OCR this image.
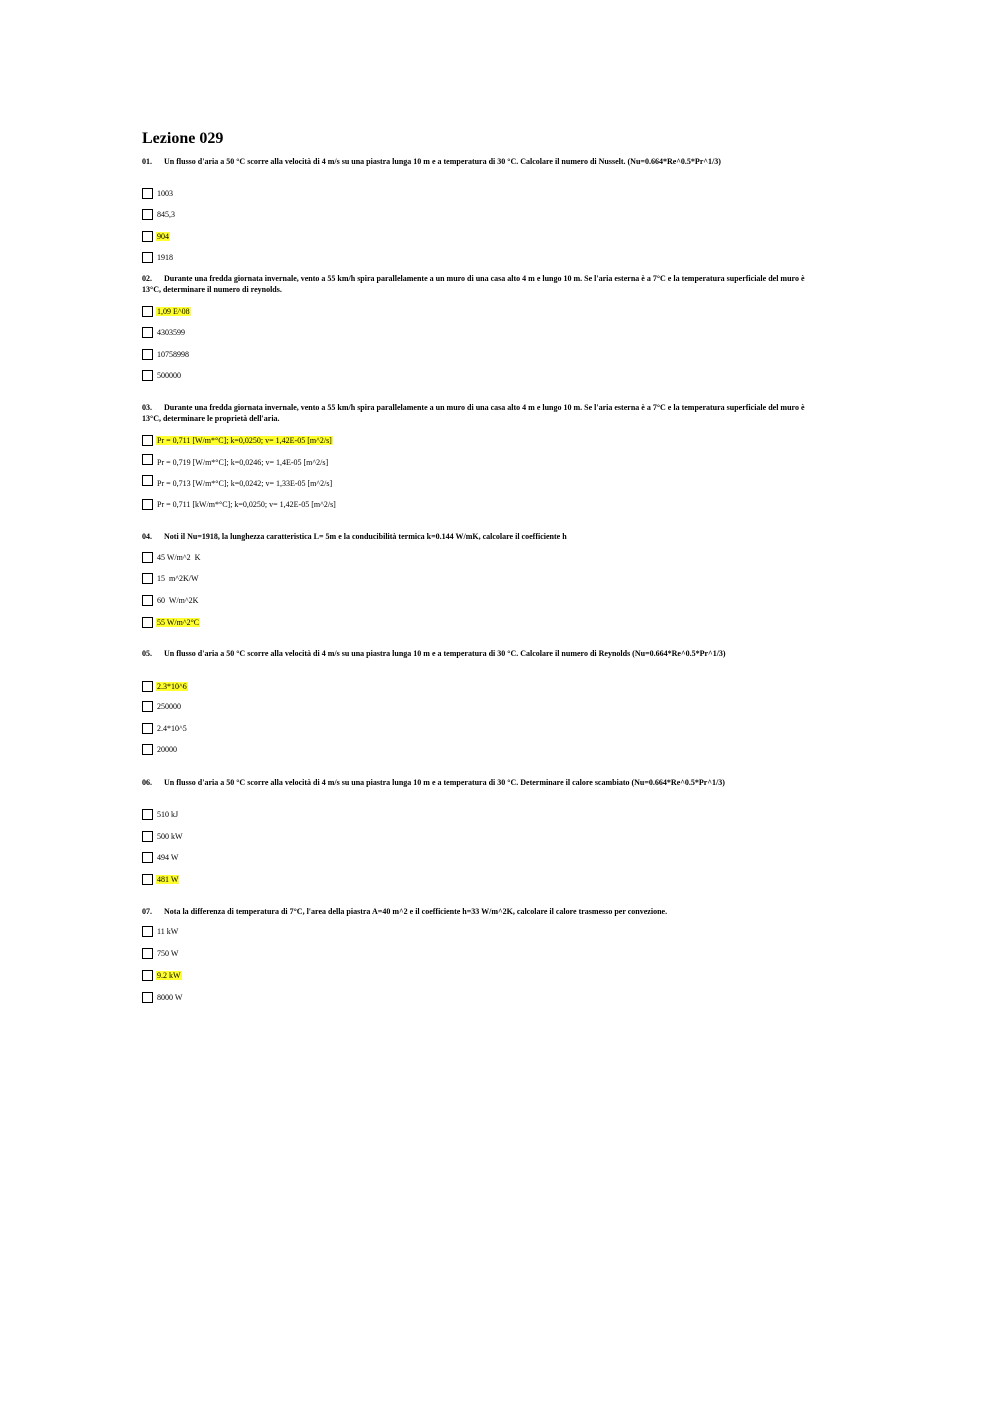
Lezione 029
01. Un flusso d'aria a 50 °C scorre alla velocità di 4 m/s su una piastra lunga 10 m e a temperatura di 30 °C. Calcolare il numero di Nusselt. (Nu=0.664*Re^0.5*Pr^1/3)
1003
845,3
904
1918
02. Durante una fredda giornata invernale, vento a 55 km/h spira parallelamente a un muro di una casa alto 4 m e lungo 10 m. Se l'aria esterna è a 7°C e la temperatura superficiale del muro è 13°C, determinare il numero di reynolds.
1,09 E^08
4303599
10758998
500000
03. Durante una fredda giornata invernale, vento a 55 km/h spira parallelamente a un muro di una casa alto 4 m e lungo 10 m. Se l'aria esterna è a 7°C e la temperatura superficiale del muro è 13°C, determinare le proprietà dell'aria.
Pr = 0,711 [W/m*°C]; k=0,0250; v= 1,42E-05 [m^2/s]
Pr = 0,719 [W/m*°C]; k=0,0246; v= 1,4E-05 [m^2/s]
Pr = 0,713 [W/m*°C]; k=0,0242; v= 1,33E-05 [m^2/s]
Pr = 0,711 [kW/m*°C]; k=0,0250; v= 1,42E-05 [m^2/s]
04. Noti il Nu=1918, la lunghezza caratteristica L= 5m e la conducibilità termica k=0.144 W/mK, calcolare il coefficiente h
45 W/m^2  K
15  m^2K/W
60  W/m^2K
55 W/m^2°C
05. Un flusso d'aria a 50 °C scorre alla velocità di 4 m/s su una piastra lunga 10 m e a temperatura di 30 °C. Calcolare il numero di Reynolds (Nu=0.664*Re^0.5*Pr^1/3)
2.3*10^6
250000
2.4*10^5
20000
06. Un flusso d'aria a 50 °C scorre alla velocità di 4 m/s su una piastra lunga 10 m e a temperatura di 30 °C. Determinare il calore scambiato (Nu=0.664*Re^0.5*Pr^1/3)
510 kJ
500 kW
494 W
481 W
07. Nota la differenza di temperatura di 7°C, l'area della piastra A=40 m^2 e il coefficiente h=33 W/m^2K, calcolare il calore trasmesso per convezione.
11 kW
750 W
9.2 kW
8000 W
